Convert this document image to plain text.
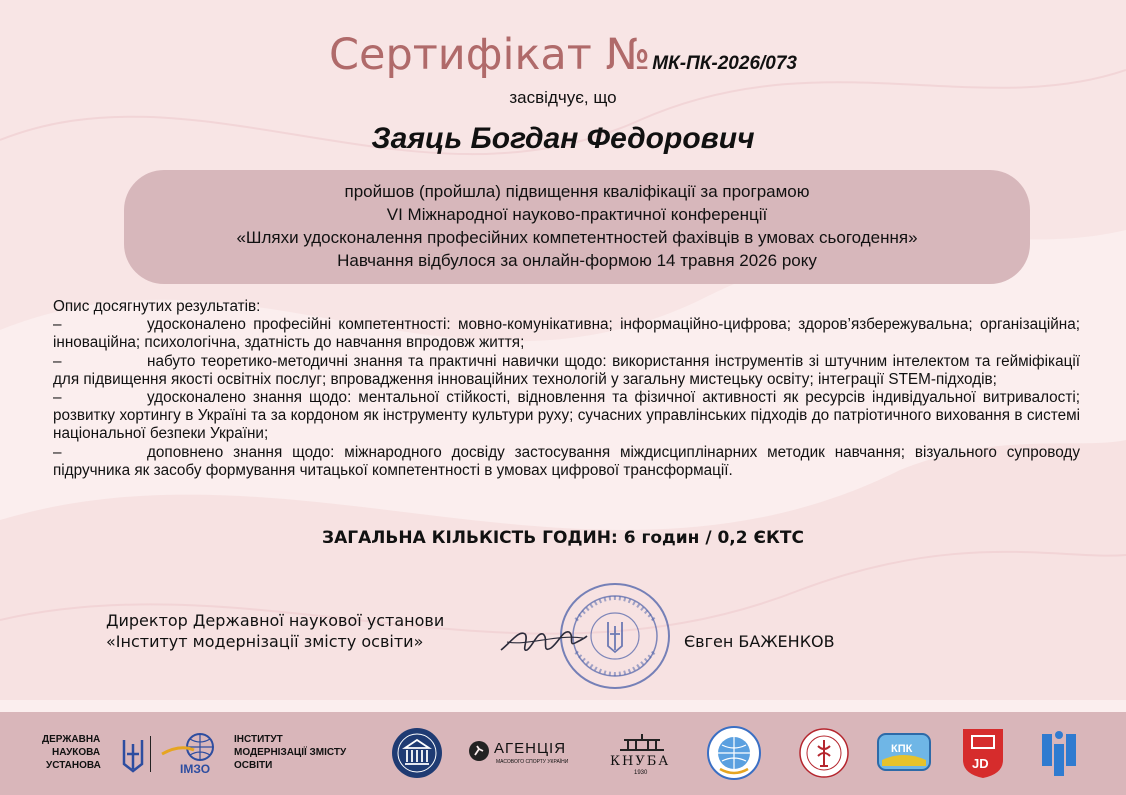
Сертифікат № МК-ПК-2026/073
засвідчує, що
Заяць Богдан Федорович
пройшов (пройшла) підвищення кваліфікації за програмою
VI Міжнародної науково-практичної конференції
«Шляхи удосконалення професійних компетентностей фахівців в умовах сьогодення»
Навчання відбулося за онлайн-формою 14 травня 2026 року
Опис досягнутих результатів:
–	удосконалено професійні компетентності: мовно-комунікативна; інформаційно-цифрова; здоров’язбережувальна; організаційна; інноваційна; психологічна, здатність до навчання впродовж життя;
–	набуто теоретико-методичні знання та практичні навички щодо: використання інструментів зі штучним інтелектом та гейміфікації для підвищення якості освітніх послуг; впровадження інноваційних технологій у загальну мистецьку освіту; інтеграції STEM-підходів;
–	удосконалено знання щодо: ментальної стійкості, відновлення та фізичної активності як ресурсів індивідуальної витривалості; розвитку хортингу в Україні та за кордоном як інструменту культури руху; сучасних управлінських підходів до патріотичного виховання в системі національної безпеки України;
–	доповнено знання щодо: міжнародного досвіду застосування міждисциплінарних методик навчання; візуального супроводу підручника як засобу формування читацької компетентності в умовах цифрової трансформації.
ЗАГАЛЬНА КІЛЬКІСТЬ ГОДИН: 6 годин / 0,2 ЄКТС
Директор Державної наукової установи
«Інститут модернізації змісту освіти»	Євген БАЖЕНКОВ
ДЕРЖАВНА
НАУКОВА
УСТАНОВА	ІМЗО
ІНСТИТУТ
МОДЕРНІЗАЦІЇ ЗМІСТУ
ОСВІТИ
АГЕНЦІЯ
МАСОВОГО СПОРТУ УКРАЇНИ	КНУБА
1930
КПК
JD
